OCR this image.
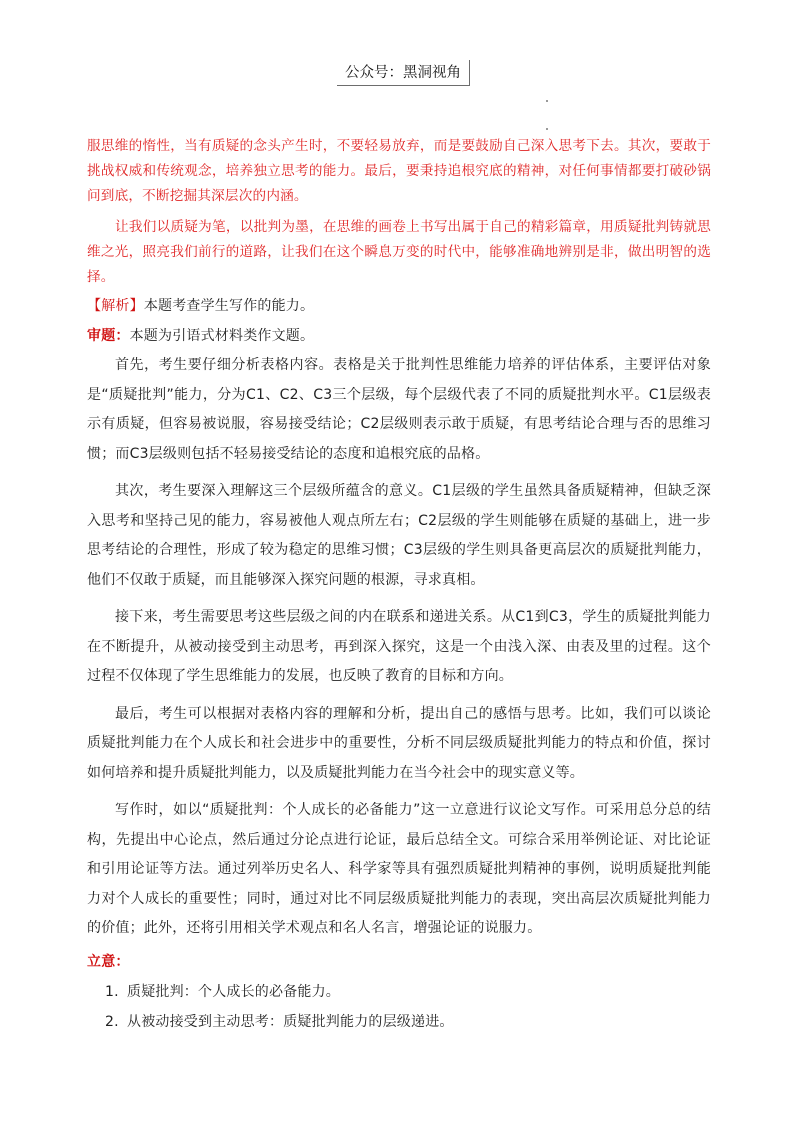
公众号：黑洞视角

服思维的惰性，当有质疑的念头产生时，不要轻易放弃，而是要鼓励自己深入思考下去。其次，要敢于挑战权威和传统观念，培养独立思考的能力。最后，要秉持追根究底的精神，对任何事情都要打破砂锅问到底，不断挖掘其深层次的内涵。

让我们以质疑为笔，以批判为墨，在思维的画卷上书写出属于自己的精彩篇章，用质疑批判铸就思维之光，照亮我们前行的道路，让我们在这个瞬息万变的时代中，能够准确地辨别是非，做出明智的选择。

【解析】本题考查学生写作的能力。

审题：本题为引语式材料类作文题。

首先，考生要仔细分析表格内容。表格是关于批判性思维能力培养的评估体系，主要评估对象是“质疑批判”能力，分为C1、C2、C3三个层级，每个层级代表了不同的质疑批判水平。C1层级表示有质疑，但容易被说服，容易接受结论；C2层级则表示敢于质疑，有思考结论合理与否的思维习惯；而C3层级则包括不轻易接受结论的态度和追根究底的品格。

其次，考生要深入理解这三个层级所蕴含的意义。C1层级的学生虽然具备质疑精神，但缺乏深入思考和坚持己见的能力，容易被他人观点所左右；C2层级的学生则能够在质疑的基础上，进一步思考结论的合理性，形成了较为稳定的思维习惯；C3层级的学生则具备更高层次的质疑批判能力，他们不仅敢于质疑，而且能够深入探究问题的根源，寻求真相。

接下来，考生需要思考这些层级之间的内在联系和递进关系。从C1到C3，学生的质疑批判能力在不断提升，从被动接受到主动思考，再到深入探究，这是一个由浅入深、由表及里的过程。这个过程不仅体现了学生思维能力的发展，也反映了教育的目标和方向。

最后，考生可以根据对表格内容的理解和分析，提出自己的感悟与思考。比如，我们可以谈论质疑批判能力在个人成长和社会进步中的重要性，分析不同层级质疑批判能力的特点和价值，探讨如何培养和提升质疑批判能力，以及质疑批判能力在当今社会中的现实意义等。

写作时，如以“质疑批判：个人成长的必备能力”这一立意进行议论文写作。可采用总分总的结构，先提出中心论点，然后通过分论点进行论证，最后总结全文。可综合采用举例论证、对比论证和引用论证等方法。通过列举历史名人、科学家等具有强烈质疑批判精神的事例，说明质疑批判能力对个人成长的重要性；同时，通过对比不同层级质疑批判能力的表现，突出高层次质疑批判能力的价值；此外，还将引用相关学术观点和名人名言，增强论证的说服力。

立意：

1. 质疑批判：个人成长的必备能力。

2. 从被动接受到主动思考：质疑批判能力的层级递进。
